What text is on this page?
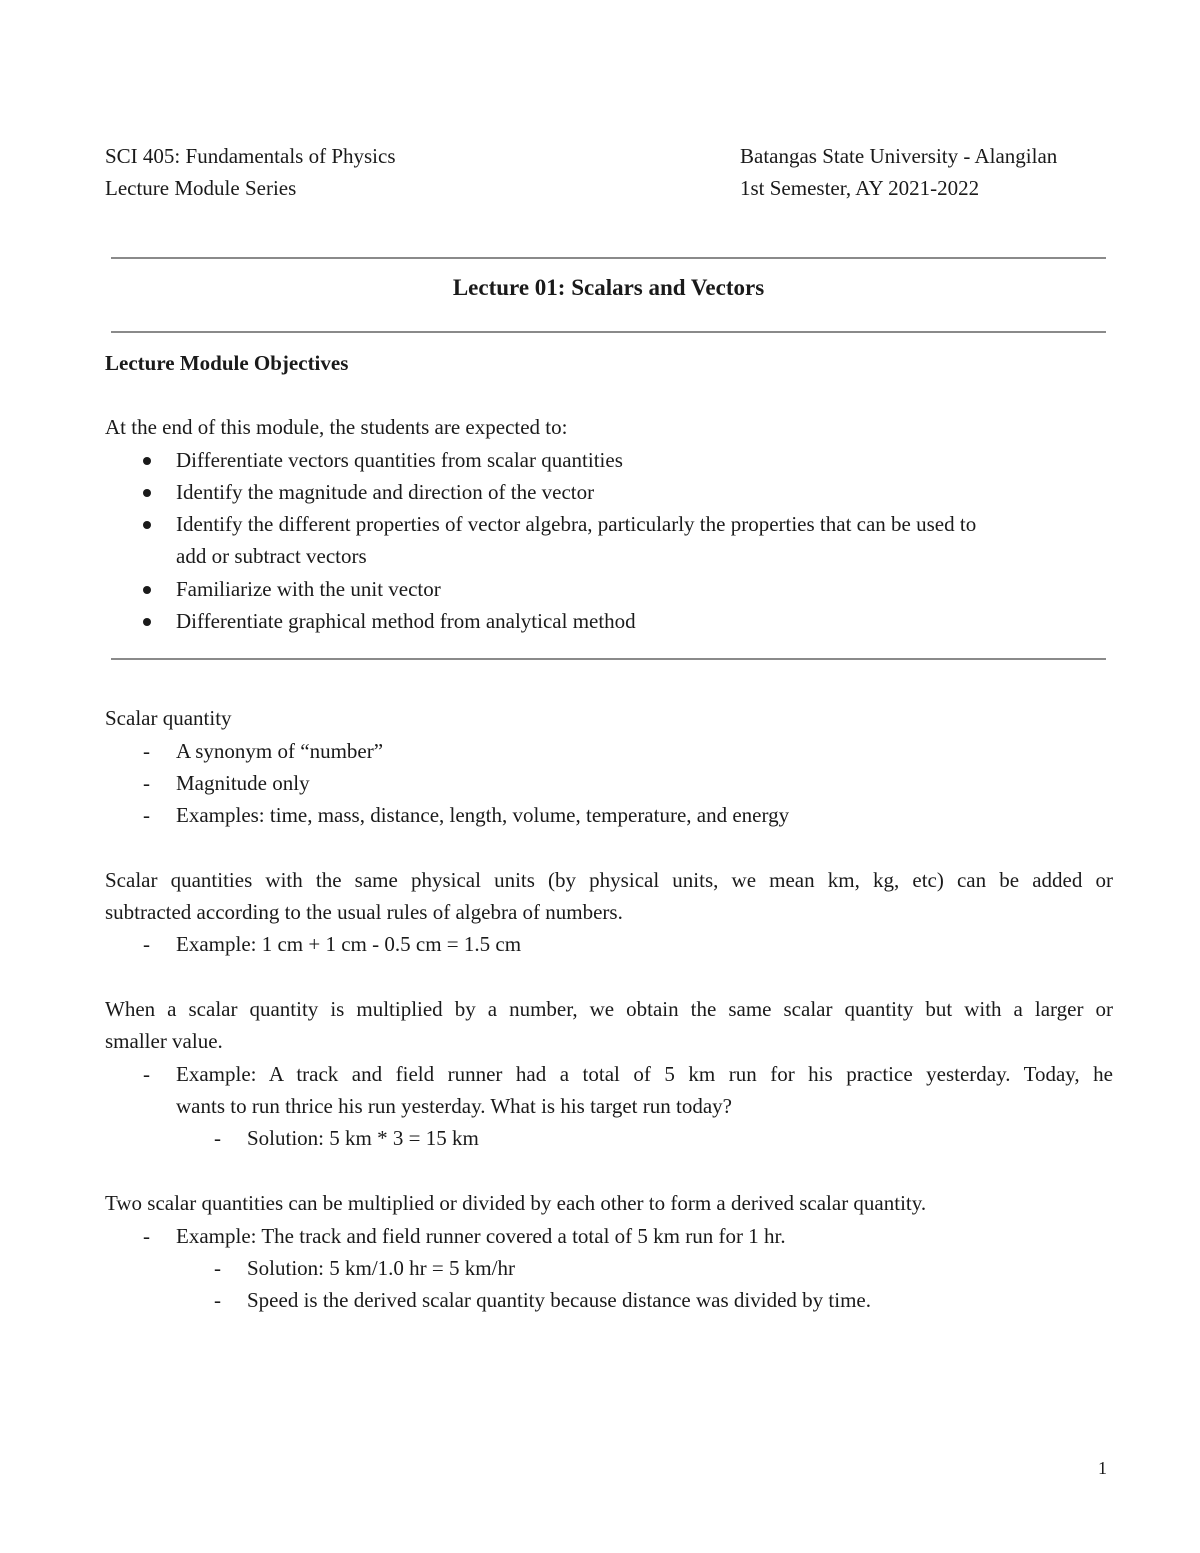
SCI 405: Fundamentals of Physics	Batangas State University - Alangilan
Lecture Module Series	1st Semester, AY 2021-2022
Lecture 01: Scalars and Vectors
Lecture Module Objectives
At the end of this module, the students are expected to:
Differentiate vectors quantities from scalar quantities
Identify the magnitude and direction of the vector
Identify the different properties of vector algebra, particularly the properties that can be used to
add or subtract vectors
Familiarize with the unit vector
Differentiate graphical method from analytical method
Scalar quantity
- A synonym of “number”
- Magnitude only
- Examples: time, mass, distance, length, volume, temperature, and energy
Scalar quantities with the same physical units (by physical units, we mean km, kg, etc) can be added or
subtracted according to the usual rules of algebra of numbers.
- Example: 1 cm + 1 cm - 0.5 cm = 1.5 cm
When a scalar quantity is multiplied by a number, we obtain the same scalar quantity but with a larger or
smaller value.
- Example: A track and field runner had a total of 5 km run for his practice yesterday. Today, he
wants to run thrice his run yesterday. What is his target run today?
- Solution: 5 km * 3 = 15 km
Two scalar quantities can be multiplied or divided by each other to form a derived scalar quantity.
- Example: The track and field runner covered a total of 5 km run for 1 hr.
- Solution: 5 km/1.0 hr = 5 km/hr
- Speed is the derived scalar quantity because distance was divided by time.
1
